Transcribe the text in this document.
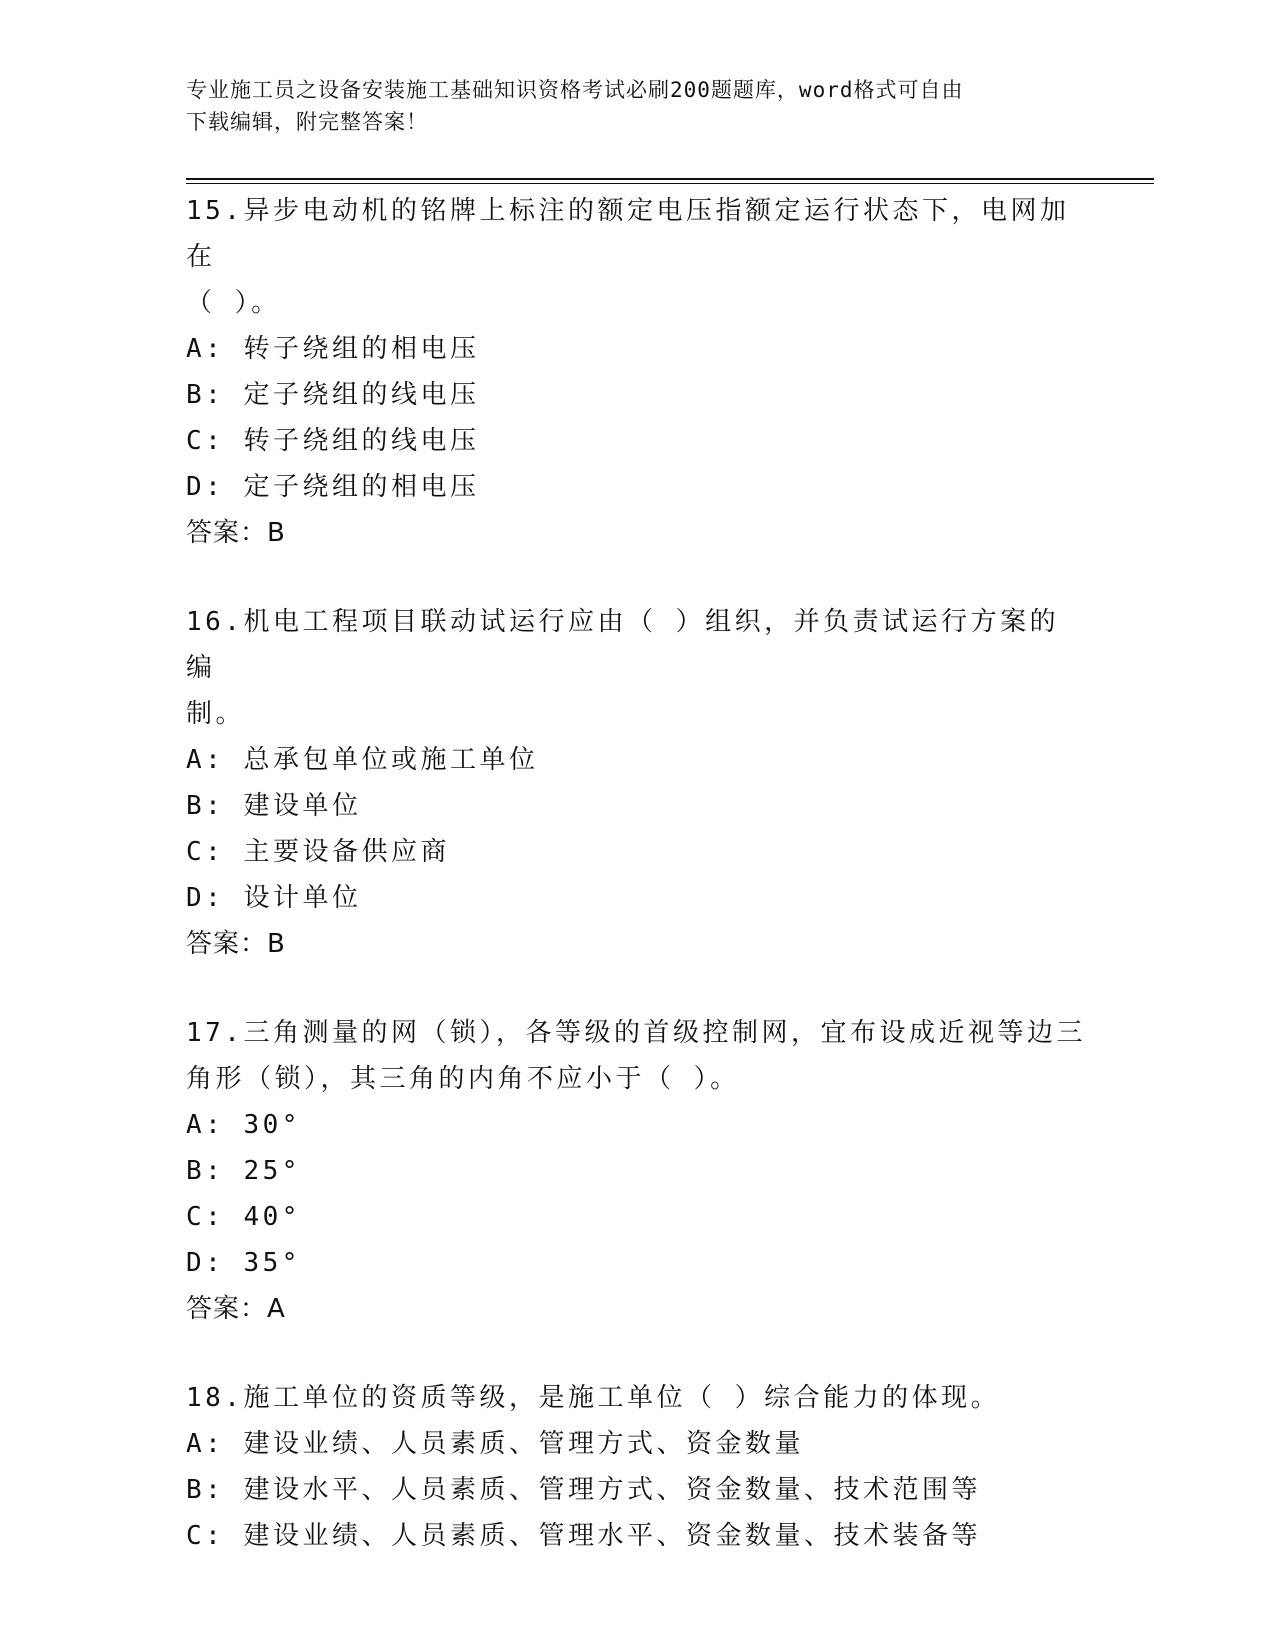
专业施工员之设备安装施工基础知识资格考试必刷200题题库，word格式可自由
下载编辑，附完整答案！
15.异步电动机的铭牌上标注的额定电压指额定运行状态下，电网加在
（ ）。
A: 转子绕组的相电压
B: 定子绕组的线电压
C: 转子绕组的线电压
D: 定子绕组的相电压
答案：B
16.机电工程项目联动试运行应由（ ）组织，并负责试运行方案的编
制。
A: 总承包单位或施工单位
B: 建设单位
C: 主要设备供应商
D: 设计单位
答案：B
17.三角测量的网（锁），各等级的首级控制网，宜布设成近视等边三
角形（锁），其三角的内角不应小于（ ）。
A: 30°
B: 25°
C: 40°
D: 35°
答案：A
18.施工单位的资质等级，是施工单位（ ）综合能力的体现。
A: 建设业绩、人员素质、管理方式、资金数量
B: 建设水平、人员素质、管理方式、资金数量、技术范围等
C: 建设业绩、人员素质、管理水平、资金数量、技术装备等
